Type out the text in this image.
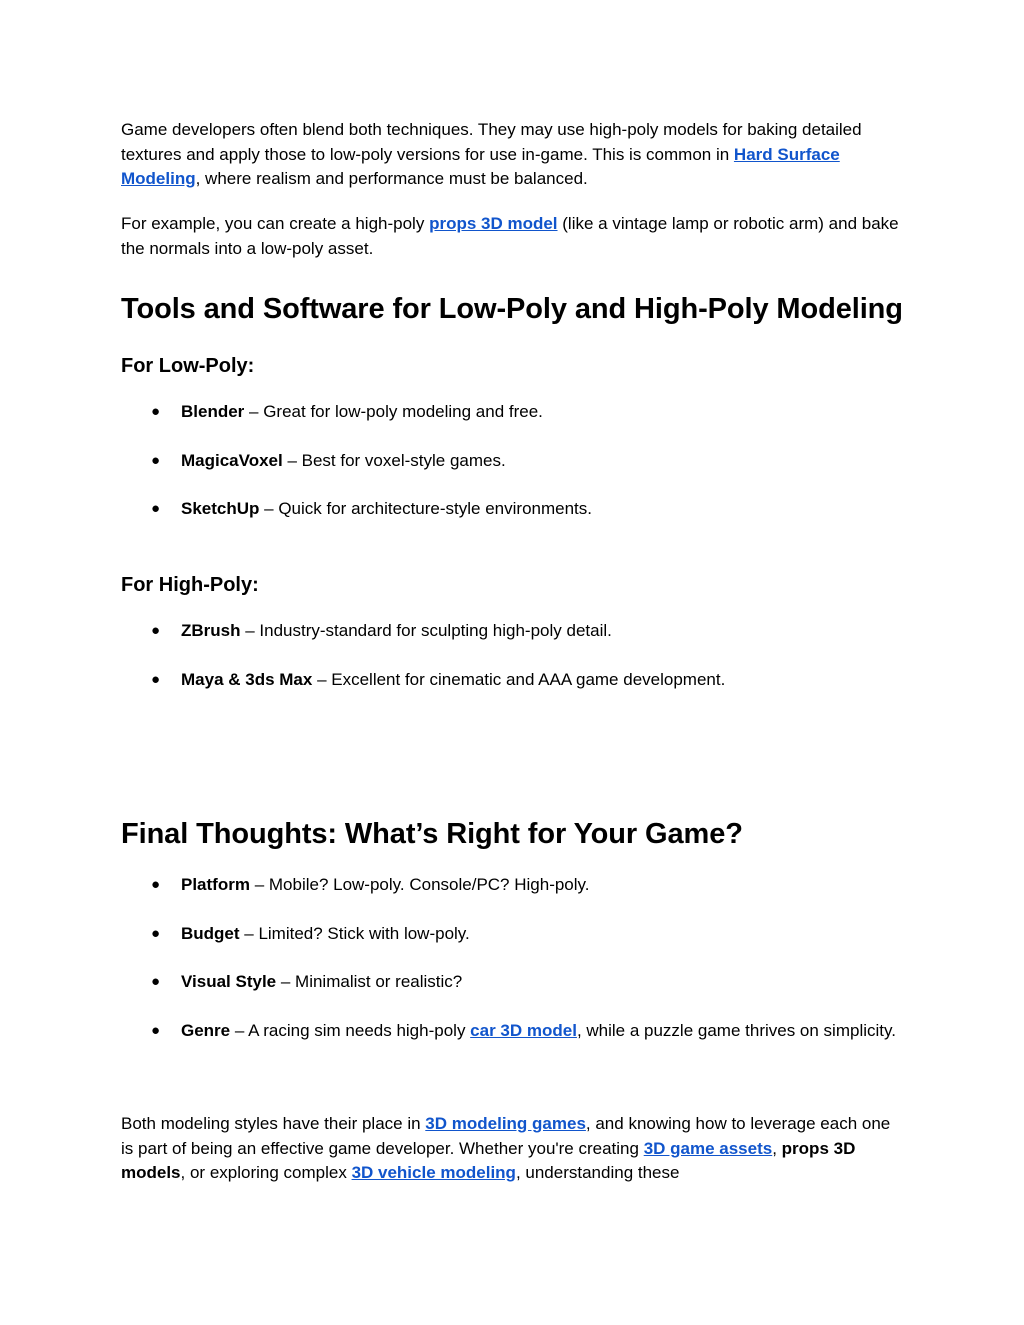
Game developers often blend both techniques. They may use high-poly models for baking detailed textures and apply those to low-poly versions for use in-game. This is common in Hard Surface Modeling, where realism and performance must be balanced.

For example, you can create a high-poly props 3D model (like a vintage lamp or robotic arm) and bake the normals into a low-poly asset.

Tools and Software for Low-Poly and High-Poly Modeling
For Low-Poly:
● Blender – Great for low-poly modeling and free.
● MagicaVoxel – Best for voxel-style games.
● SketchUp – Quick for architecture-style environments.
For High-Poly:
● ZBrush – Industry-standard for sculpting high-poly detail.
● Maya & 3ds Max – Excellent for cinematic and AAA game development.
Final Thoughts: What’s Right for Your Game?
● Platform – Mobile? Low-poly. Console/PC? High-poly.
● Budget – Limited? Stick with low-poly.
● Visual Style – Minimalist or realistic?
● Genre – A racing sim needs high-poly car 3D model, while a puzzle game thrives on simplicity.

Both modeling styles have their place in 3D modeling games, and knowing how to leverage each one is part of being an effective game developer. Whether you're creating 3D game assets, props 3D models, or exploring complex 3D vehicle modeling, understanding these
